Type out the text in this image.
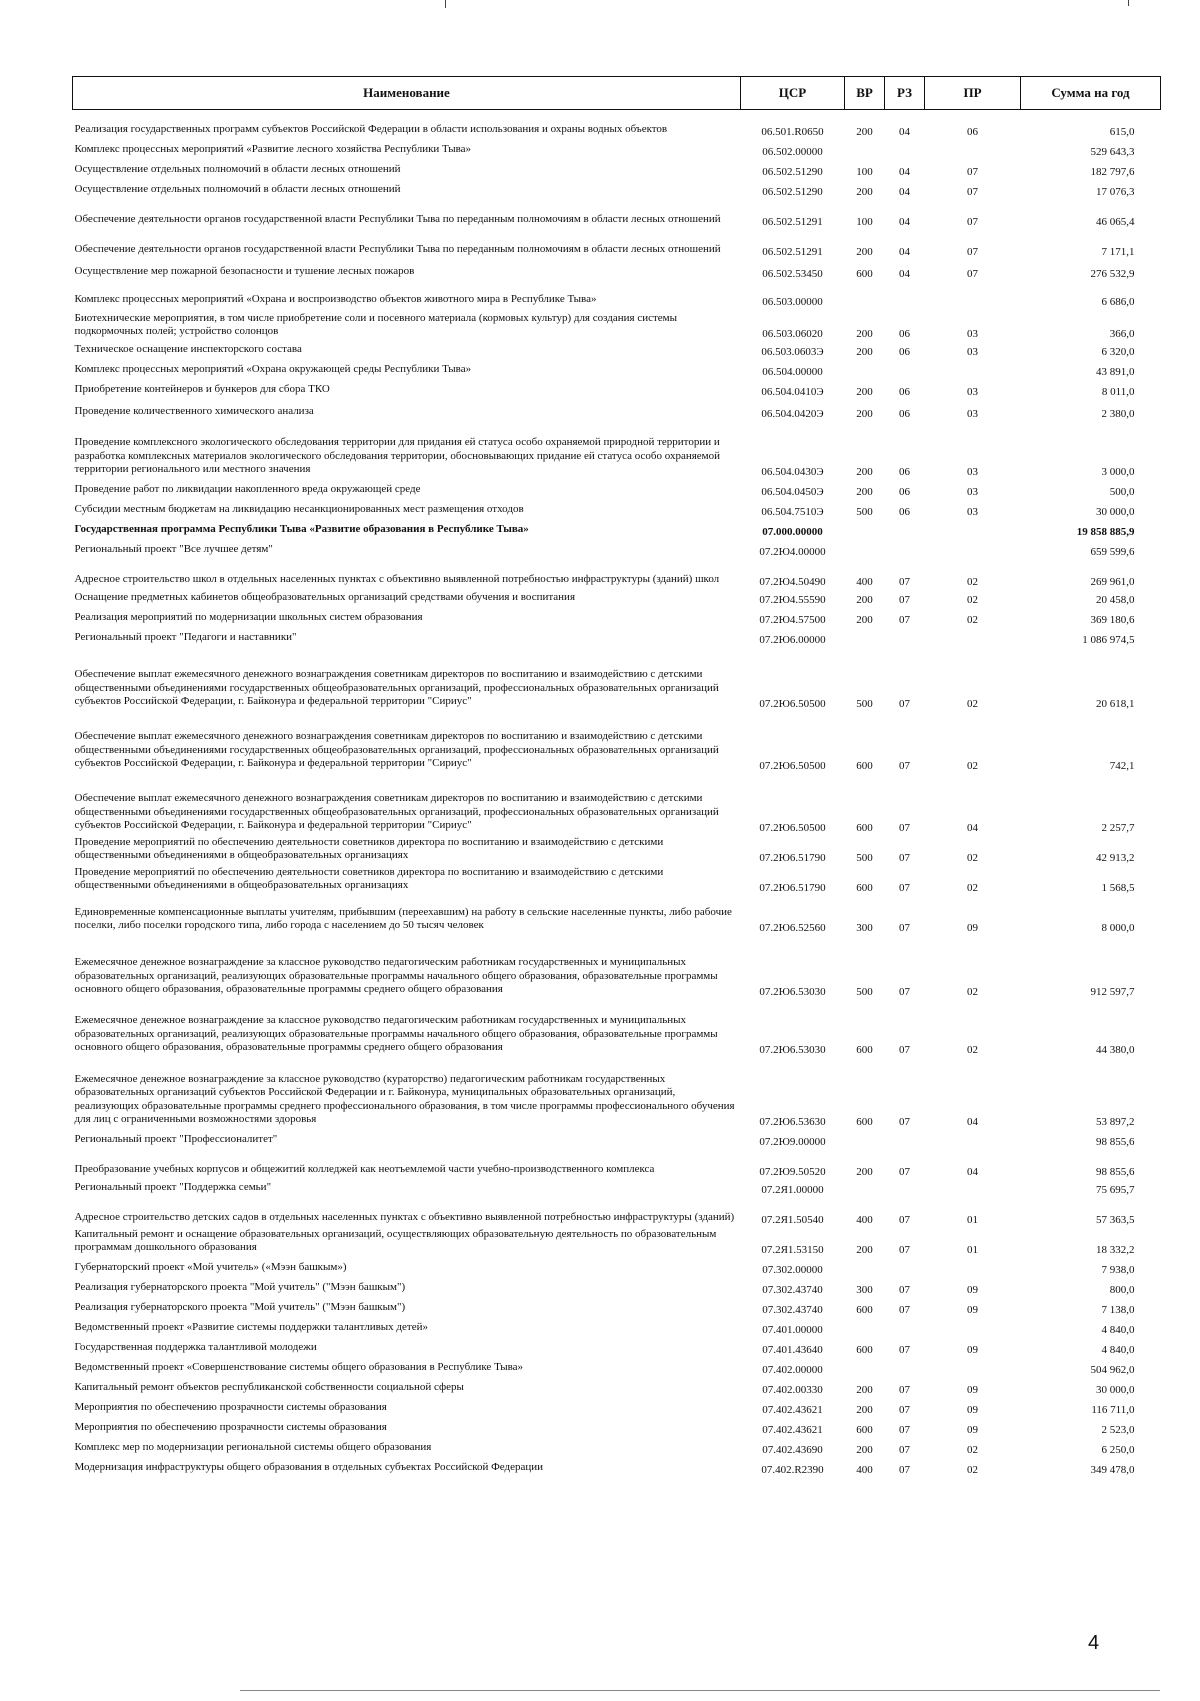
Наименование	ЦСР	ВР	РЗ	ПР	Сумма на год
Реализация государственных программ субъектов Российской Федерации в области использования и охраны водных объектов	06.501.R0650	200	04	06	615,0
Комплекс процессных мероприятий «Развитие лесного хозяйства Республики Тыва»	06.502.00000				529 643,3
Осуществление отдельных полномочий в области лесных отношений	06.502.51290	100	04	07	182 797,6
Осуществление отдельных полномочий в области лесных отношений	06.502.51290	200	04	07	17 076,3
Обеспечение деятельности органов государственной власти Республики Тыва по переданным полномочиям в области лесных отношений	06.502.51291	100	04	07	46 065,4
Обеспечение деятельности органов государственной власти Республики Тыва по переданным полномочиям в области лесных отношений	06.502.51291	200	04	07	7 171,1
Осуществление мер пожарной безопасности и тушение лесных пожаров	06.502.53450	600	04	07	276 532,9
Комплекс процессных мероприятий «Охрана и воспроизводство объектов животного мира в Республике Тыва»	06.503.00000				6 686,0
Биотехнические мероприятия, в том числе приобретение соли и посевного материала (кормовых культур) для создания системы подкормочных полей; устройство солонцов	06.503.06020	200	06	03	366,0
Техническое оснащение инспекторского состава	06.503.0603Э	200	06	03	6 320,0
Комплекс процессных мероприятий «Охрана окружающей среды Республики Тыва»	06.504.00000				43 891,0
Приобретение контейнеров и бункеров для сбора ТКО	06.504.0410Э	200	06	03	8 011,0
Проведение количественного химического анализа	06.504.0420Э	200	06	03	2 380,0
Проведение комплексного экологического обследования территории для придания ей статуса особо охраняемой природной территории и разработка комплексных материалов экологического обследования территории, обосновывающих придание ей статуса особо охраняемой территории регионального или местного значения	06.504.0430Э	200	06	03	3 000,0
Проведение работ по ликвидации накопленного вреда окружающей среде	06.504.0450Э	200	06	03	500,0
Субсидии местным бюджетам на ликвидацию несанкционированных мест размещения отходов	06.504.7510Э	500	06	03	30 000,0
Государственная программа Республики Тыва «Развитие образования в Республике Тыва»	07.000.00000				19 858 885,9
Региональный проект "Все лучшее детям"	07.2Ю4.00000				659 599,6
Адресное строительство школ в отдельных населенных пунктах с объективно выявленной потребностью инфраструктуры (зданий) школ	07.2Ю4.50490	400	07	02	269 961,0
Оснащение предметных кабинетов общеобразовательных организаций средствами обучения и воспитания	07.2Ю4.55590	200	07	02	20 458,0
Реализация мероприятий по модернизации школьных систем образования	07.2Ю4.57500	200	07	02	369 180,6
Региональный проект "Педагоги и наставники"	07.2Ю6.00000				1 086 974,5
Обеспечение выплат ежемесячного денежного вознаграждения советникам директоров по воспитанию и взаимодействию с детскими общественными объединениями государственных общеобразовательных организаций, профессиональных образовательных организаций субъектов Российской Федерации, г. Байконура и федеральной территории "Сириус"	07.2Ю6.50500	500	07	02	20 618,1
Обеспечение выплат ежемесячного денежного вознаграждения советникам директоров по воспитанию и взаимодействию с детскими общественными объединениями государственных общеобразовательных организаций, профессиональных образовательных организаций субъектов Российской Федерации, г. Байконура и федеральной территории "Сириус"	07.2Ю6.50500	600	07	02	742,1
Обеспечение выплат ежемесячного денежного вознаграждения советникам директоров по воспитанию и взаимодействию с детскими общественными объединениями государственных общеобразовательных организаций, профессиональных образовательных организаций субъектов Российской Федерации, г. Байконура и федеральной территории "Сириус"	07.2Ю6.50500	600	07	04	2 257,7
Проведение мероприятий по обеспечению деятельности советников директора по воспитанию и взаимодействию с детскими общественными объединениями в общеобразовательных организациях	07.2Ю6.51790	500	07	02	42 913,2
Проведение мероприятий по обеспечению деятельности советников директора по воспитанию и взаимодействию с детскими общественными объединениями в общеобразовательных организациях	07.2Ю6.51790	600	07	02	1 568,5
Единовременные компенсационные выплаты учителям, прибывшим (переехавшим) на работу в сельские населенные пункты, либо рабочие поселки, либо поселки городского типа, либо города с населением до 50 тысяч человек	07.2Ю6.52560	300	07	09	8 000,0
Ежемесячное денежное вознаграждение за классное руководство педагогическим работникам государственных и муниципальных образовательных организаций, реализующих образовательные программы начального общего образования, образовательные программы основного общего образования, образовательные программы среднего общего образования	07.2Ю6.53030	500	07	02	912 597,7
Ежемесячное денежное вознаграждение за классное руководство педагогическим работникам государственных и муниципальных образовательных организаций, реализующих образовательные программы начального общего образования, образовательные программы основного общего образования, образовательные программы среднего общего образования	07.2Ю6.53030	600	07	02	44 380,0
Ежемесячное денежное вознаграждение за классное руководство (кураторство) педагогическим работникам государственных образовательных организаций субъектов Российской Федерации и г. Байконура, муниципальных образовательных организаций, реализующих образовательные программы среднего профессионального образования, в том числе программы профессионального обучения для лиц с ограниченными возможностями здоровья	07.2Ю6.53630	600	07	04	53 897,2
Региональный проект "Профессионалитет"	07.2Ю9.00000				98 855,6
Преобразование учебных корпусов и общежитий колледжей как неотъемлемой части учебно-производственного комплекса	07.2Ю9.50520	200	07	04	98 855,6
Региональный проект "Поддержка семьи"	07.2Я1.00000				75 695,7
Адресное строительство детских садов в отдельных населенных пунктах с объективно выявленной потребностью инфраструктуры (зданий)	07.2Я1.50540	400	07	01	57 363,5
Капитальный ремонт и оснащение образовательных организаций, осуществляющих образовательную деятельность по образовательным программам дошкольного образования	07.2Я1.53150	200	07	01	18 332,2
Губернаторский проект «Мой учитель» («Мээн башкым»)	07.302.00000				7 938,0
Реализация губернаторского проекта "Мой учитель" ("Мээн башкым")	07.302.43740	300	07	09	800,0
Реализация губернаторского проекта "Мой учитель" ("Мээн башкым")	07.302.43740	600	07	09	7 138,0
Ведомственный проект «Развитие системы поддержки талантливых детей»	07.401.00000				4 840,0
Государственная поддержка талантливой молодежи	07.401.43640	600	07	09	4 840,0
Ведомственный проект «Совершенствование системы общего образования в Республике Тыва»	07.402.00000				504 962,0
Капитальный ремонт объектов республиканской собственности социальной сферы	07.402.00330	200	07	09	30 000,0
Мероприятия по обеспечению прозрачности системы образования	07.402.43621	200	07	09	116 711,0
Мероприятия по обеспечению прозрачности системы образования	07.402.43621	600	07	09	2 523,0
Комплекс мер по модернизации региональной системы общего образования	07.402.43690	200	07	02	6 250,0
Модернизация инфраструктуры общего образования в отдельных субъектах Российской Федерации	07.402.R2390	400	07	02	349 478,0
4
